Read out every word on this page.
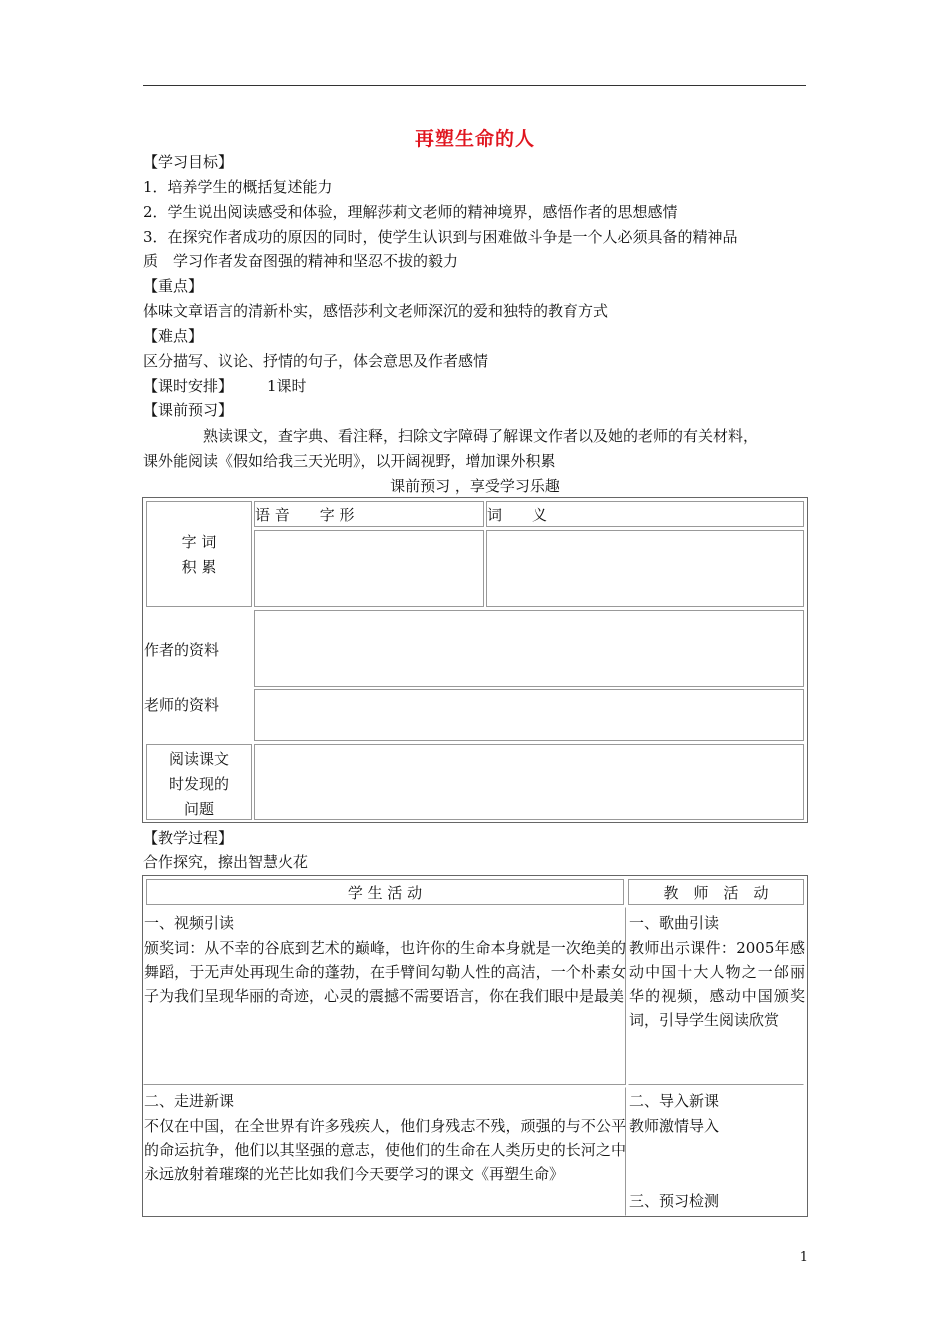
再塑生命的人
【学习目标】
1．培养学生的概括复述能力
2．学生说出阅读感受和体验，理解莎莉文老师的精神境界，感悟作者的思想感情
3．在探究作者成功的原因的同时，使学生认识到与困难做斗争是一个人必须具备的精神品
质　学习作者发奋图强的精神和坚忍不拔的毅力
【重点】
体味文章语言的清新朴实，感悟莎利文老师深沉的爱和独特的教育方式
【难点】
区分描写、议论、抒情的句子，体会意思及作者感情
【课时安排】 1课时
【课前预习】
熟读课文，查字典、看注释，扫除文字障碍了解课文作者以及她的老师的有关材料，
课外能阅读《假如给我三天光明》，以开阔视野，增加课外积累
课前预习 ，享受学习乐趣
字 词
积 累
语 音　　字 形	词　　义
作者的资料
老师的资料
阅读课文
时发现的
问题
【教学过程】
合作探究，擦出智慧火花
学 生 活 动	教　师　活　动
一、视频引读
颁奖词：从不幸的谷底到艺术的巅峰，也许你的生命本身就是一次绝美的舞蹈，于无声处再现生命的蓬勃，在手臂间勾勒人性的高洁，一个朴素女子为我们呈现华丽的奇迹，心灵的震撼不需要语言，你在我们眼中是最美
一、歌曲引读
教师出示课件：2005年感动中国十大人物之一邰丽华的视频，感动中国颁奖词，引导学生阅读欣赏
二、走进新课
不仅在中国，在全世界有许多残疾人，他们身残志不残，顽强的与不公平的命运抗争，他们以其坚强的意志，使他们的生命在人类历史的长河之中永远放射着璀璨的光芒比如我们今天要学习的课文《再塑生命》
二、导入新课
教师激情导入
三、预习检测
1
